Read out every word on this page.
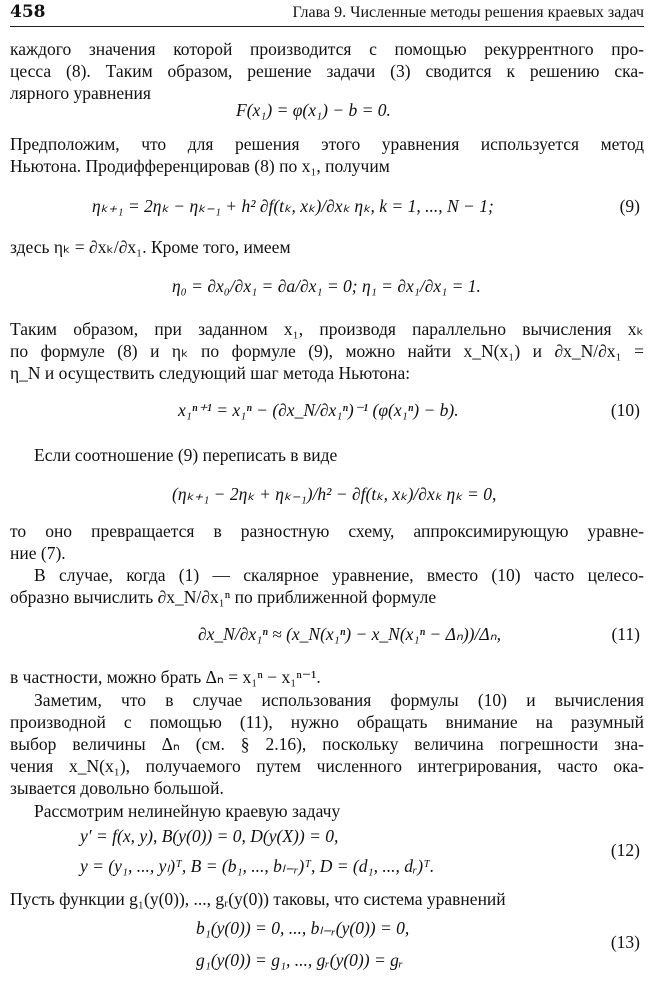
458	Глава 9. Численные методы решения краевых задач
каждого значения которой производится с помощью рекуррентного про-
цесса (8). Таким образом, решение задачи (3) сводится к решению ска-
лярного уравнения
F(x₁) = φ(x₁) − b = 0.
Предположим, что для решения этого уравнения используется метод
Ньютона. Продифференцировав (8) по x₁, получим
ηₖ₊₁ = 2ηₖ − ηₖ₋₁ + h² ∂f(tₖ, xₖ)/∂xₖ ηₖ, k = 1, ..., N − 1;	(9)
здесь ηₖ = ∂xₖ/∂x₁. Кроме того, имеем
η₀ = ∂x₀/∂x₁ = ∂a/∂x₁ = 0; η₁ = ∂x₁/∂x₁ = 1.
Таким образом, при заданном x₁, производя параллельно вычисления xₖ
по формуле (8) и ηₖ по формуле (9), можно найти x_N(x₁) и ∂x_N/∂x₁ =
η_N и осуществить следующий шаг метода Ньютона:
x₁ⁿ⁺¹ = x₁ⁿ − (∂x_N/∂x₁ⁿ)⁻¹ (φ(x₁ⁿ) − b).	(10)
Если соотношение (9) переписать в виде
(ηₖ₊₁ − 2ηₖ + ηₖ₋₁)/h² − ∂f(tₖ, xₖ)/∂xₖ ηₖ = 0,
то оно превращается в разностную схему, аппроксимирующую уравне-
ние (7).
В случае, когда (1) — скалярное уравнение, вместо (10) часто целесо-
образно вычислить ∂x_N/∂x₁ⁿ по приближенной формуле
∂x_N/∂x₁ⁿ ≈ (x_N(x₁ⁿ) − x_N(x₁ⁿ − Δₙ))/Δₙ,	(11)
в частности, можно брать Δₙ = x₁ⁿ − x₁ⁿ⁻¹.
Заметим, что в случае использования формулы (10) и вычисления
производной с помощью (11), нужно обращать внимание на разумный
выбор величины Δₙ (см. § 2.16), поскольку величина погрешности зна-
чения x_N(x₁), получаемого путем численного интегрирования, часто ока-
зывается довольно большой.
Рассмотрим нелинейную краевую задачу
y′ = f(x, y), B(y(0)) = 0, D(y(X)) = 0,
y = (y₁, ..., yₗ)ᵀ, B = (b₁, ..., bₗ₋ᵣ)ᵀ, D = (d₁, ..., dᵣ)ᵀ.
(12)
Пусть функции g₁(y(0)), ..., gᵣ(y(0)) таковы, что система уравнений
b₁(y(0)) = 0, ..., bₗ₋ᵣ(y(0)) = 0,
g₁(y(0)) = g₁, ..., gᵣ(y(0)) = gᵣ
(13)
